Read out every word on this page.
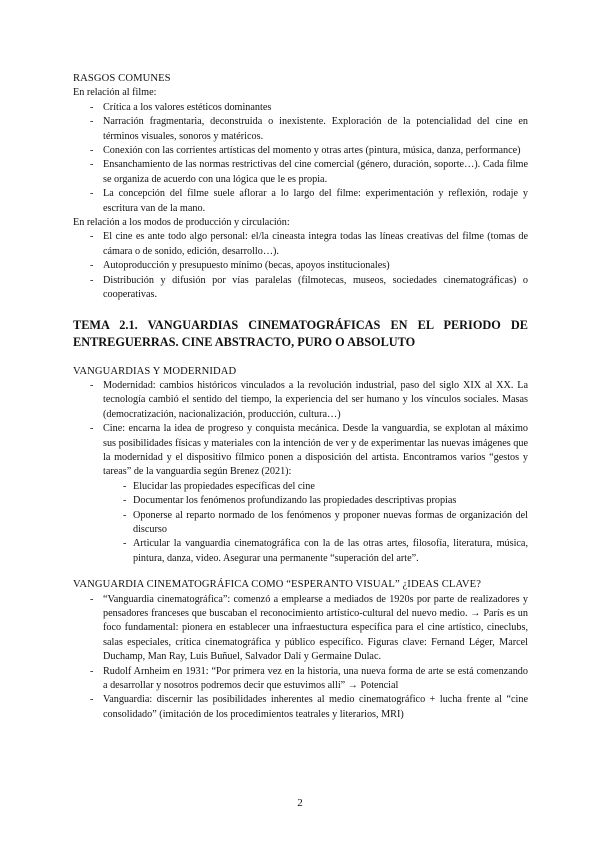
RASGOS COMUNES

En relación al filme:

- Crítica a los valores estéticos dominantes
- Narración fragmentaria, deconstruida o inexistente. Exploración de la potencialidad del cine en términos visuales, sonoros y matéricos.
- Conexión con las corrientes artísticas del momento y otras artes (pintura, música, danza, performance)
- Ensanchamiento de las normas restrictivas del cine comercial (género, duración, soporte…). Cada filme se organiza de acuerdo con una lógica que le es propia.
- La concepción del filme suele aflorar a lo largo del filme: experimentación y reflexión, rodaje y escritura van de la mano.

En relación a los modos de producción y circulación:

- El cine es ante todo algo personal: el/la cineasta integra todas las líneas creativas del filme (tomas de cámara o de sonido, edición, desarrollo…).
- Autoproducción y presupuesto mínimo (becas, apoyos institucionales)
- Distribución y difusión por vías paralelas (filmotecas, museos, sociedades cinematográficas) o cooperativas.
TEMA 2.1. VANGUARDIAS CINEMATOGRÁFICAS EN EL PERIODO DE ENTREGUERRAS. CINE ABSTRACTO, PURO O ABSOLUTO
VANGUARDIAS Y MODERNIDAD
- Modernidad: cambios históricos vinculados a la revolución industrial, paso del siglo XIX al XX. La tecnología cambió el sentido del tiempo, la experiencia del ser humano y los vínculos sociales. Masas (democratización, nacionalización, producción, cultura…)
- Cine: encarna la idea de progreso y conquista mecánica. Desde la vanguardia, se explotan al máximo sus posibilidades físicas y materiales con la intención de ver y de experimentar las nuevas imágenes que la modernidad y el dispositivo fílmico ponen a disposición del artista. Encontramos varios “gestos y tareas” de la vanguardia según Brenez (2021):
- Elucidar las propiedades específicas del cine
- Documentar los fenómenos profundizando las propiedades descriptivas propias
- Oponerse al reparto normado de los fenómenos y proponer nuevas formas de organización del discurso
- Articular la vanguardia cinematográfica con la de las otras artes, filosofía, literatura, música, pintura, danza, video. Asegurar una permanente “superación del arte”.
VANGUARDIA CINEMATOGRÁFICA COMO “ESPERANTO VISUAL” ¿IDEAS CLAVE?
- “Vanguardia cinematográfica”: comenzó a emplearse a mediados de 1920s por parte de realizadores y pensadores franceses que buscaban el reconocimiento artístico-cultural del nuevo medio. → París es un foco fundamental: pionera en establecer una infraestuctura específica para el cine artístico, cineclubs, salas especiales, crítica cinematográfica y público específico. Figuras clave: Fernand Léger, Marcel Duchamp, Man Ray, Luis Buñuel, Salvador Dalí y Germaine Dulac.
- Rudolf Arnheim en 1931: “Por primera vez en la historia, una nueva forma de arte se está comenzando a desarrollar y nosotros podremos decir que estuvimos allí” → Potencial
- Vanguardia: discernir las posibilidades inherentes al medio cinematográfico + lucha frente al “cine consolidado” (imitación de los procedimientos teatrales y literarios, MRI)
2
